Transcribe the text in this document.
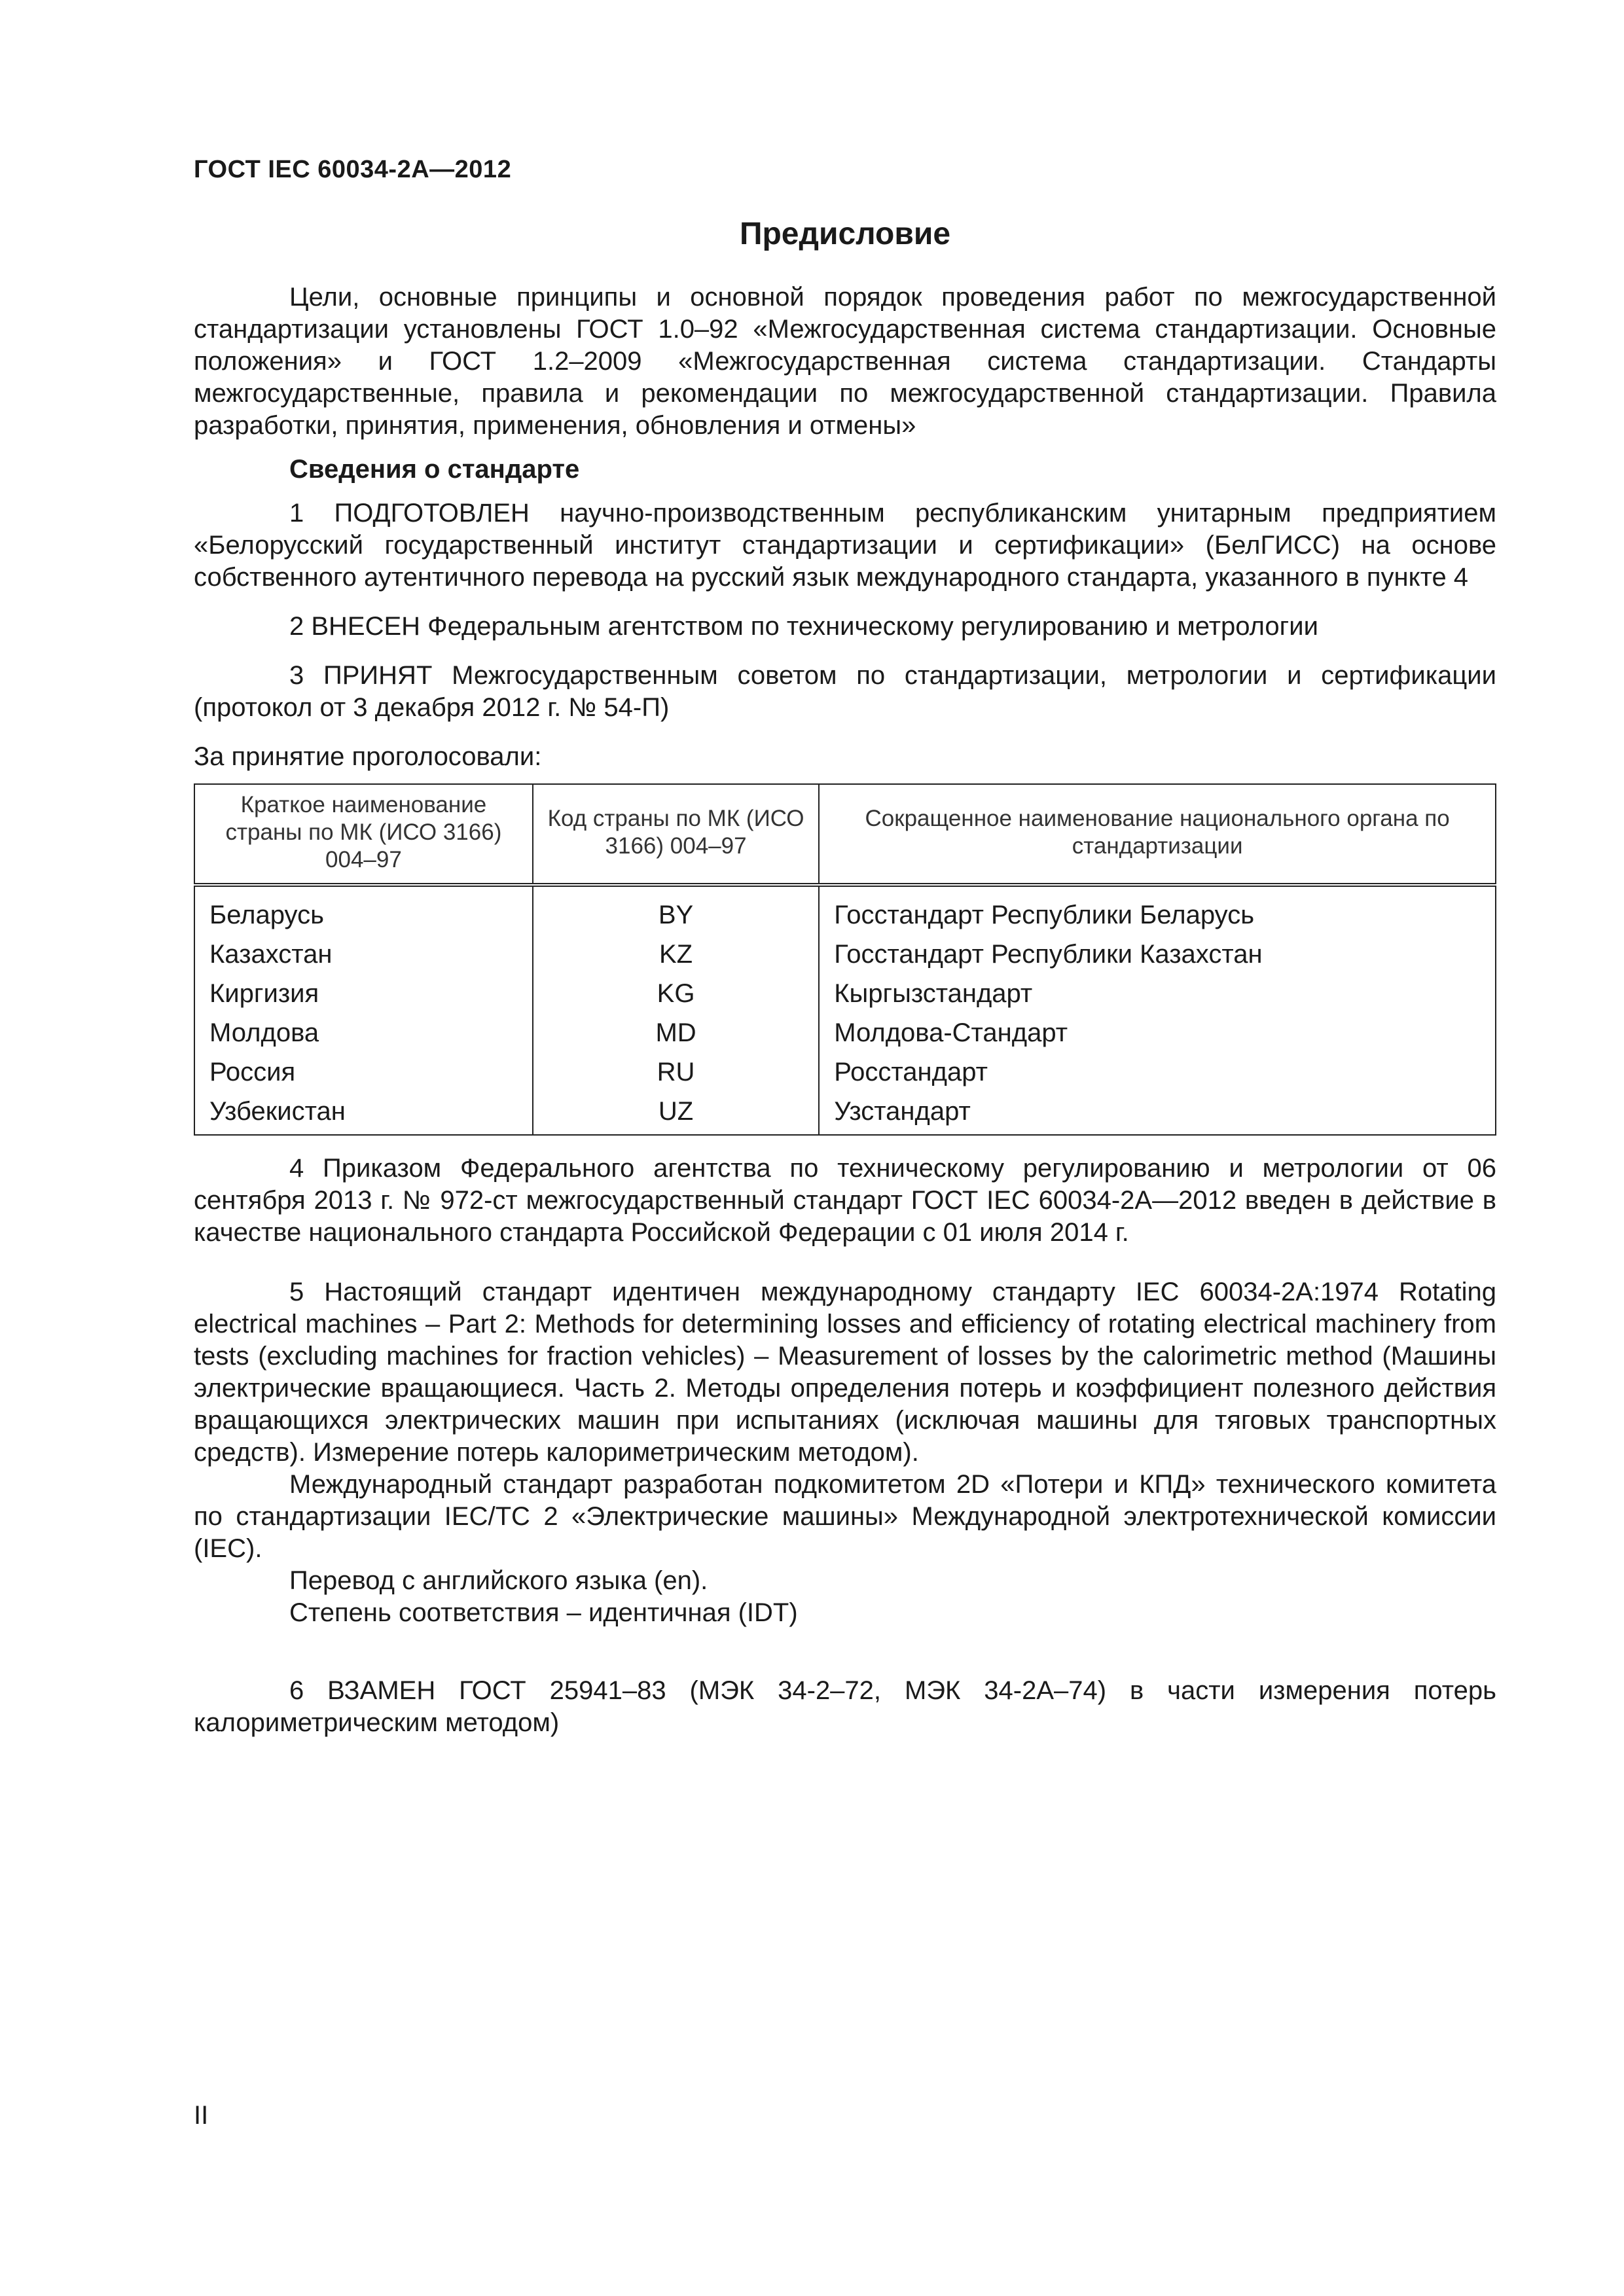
ГОСТ IEC 60034-2A—2012
Предисловие

Цели, основные принципы и основной порядок проведения работ по межгосударственной стандартизации установлены ГОСТ 1.0–92 «Межгосударственная система стандартизации. Основные положения» и ГОСТ 1.2–2009 «Межгосударственная система стандартизации. Стандарты межгосударственные, правила и рекомендации по межгосударственной стандартизации. Правила разработки, принятия, применения, обновления и отмены»

Сведения о стандарте

1 ПОДГОТОВЛЕН научно-производственным республиканским унитарным предприятием «Белорусский государственный институт стандартизации и сертификации» (БелГИСС) на основе собственного аутентичного перевода на русский язык международного стандарта, указанного в пункте 4

2 ВНЕСЕН Федеральным агентством по техническому регулированию и метрологии

3 ПРИНЯТ Межгосударственным советом по стандартизации, метрологии и сертификации (протокол от 3 декабря 2012 г. № 54-П)

За принятие проголосовали:

Краткое наименование страны по МК (ИСО 3166) 004–97	Код страны по МК (ИСО 3166) 004–97	Сокращенное наименование национального органа по стандартизации
Беларусь	BY	Госстандарт Республики Беларусь
Казахстан	KZ	Госстандарт Республики Казахстан
Киргизия	KG	Кыргызстандарт
Молдова	MD	Молдова-Стандарт
Россия	RU	Росстандарт
Узбекистан	UZ	Узстандарт

4 Приказом Федерального агентства по техническому регулированию и метрологии от 06 сентября 2013 г. № 972-ст межгосударственный стандарт ГОСТ IEC 60034-2A—2012 введен в действие в качестве национального стандарта Российской Федерации с 01 июля 2014 г.

5 Настоящий стандарт идентичен международному стандарту IEC 60034-2A:1974 Rotating electrical machines – Part 2: Methods for determining losses and efficiency of rotating electrical machinery from tests (excluding machines for fraction vehicles) – Measurement of losses by the calorimetric method (Машины электрические вращающиеся. Часть 2. Методы определения потерь и коэффициент полезного действия вращающихся электрических машин при испытаниях (исключая машины для тяговых транспортных средств). Измерение потерь калориметрическим методом).

Международный стандарт разработан подкомитетом 2D «Потери и КПД» технического комитета по стандартизации IEC/TC 2 «Электрические машины» Международной электротехнической комиссии (IEC).

Перевод с английского языка (en).

Степень соответствия – идентичная (IDT)

6 ВЗАМЕН ГОСТ 25941–83 (МЭК 34-2–72, МЭК 34-2А–74) в части измерения потерь калориметрическим методом)

II
